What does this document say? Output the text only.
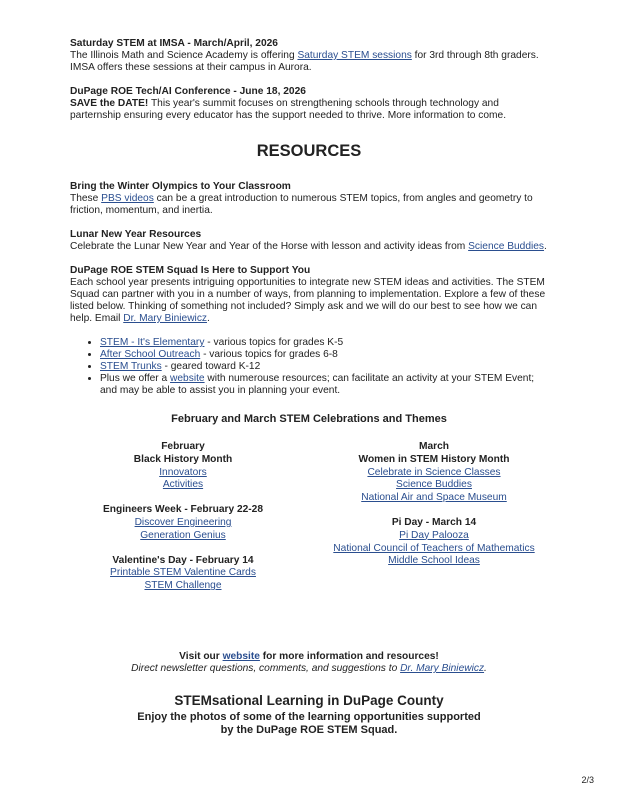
Saturday STEM at IMSA - March/April, 2026
The Illinois Math and Science Academy is offering Saturday STEM sessions for 3rd through 8th graders. IMSA offers these sessions at their campus in Aurora.
DuPage ROE Tech/AI Conference - June 18, 2026
SAVE the DATE! This year's summit focuses on strengthening schools through technology and parternship ensuring every educator has the support needed to thrive. More information to come.
RESOURCES
Bring the Winter Olympics to Your Classroom
These PBS videos can be a great introduction to numerous STEM topics, from angles and geometry to friction, momentum, and inertia.
Lunar New Year Resources
Celebrate the Lunar New Year and Year of the Horse with lesson and activity ideas from Science Buddies.
DuPage ROE STEM Squad Is Here to Support You
Each school year presents intriguing opportunities to integrate new STEM ideas and activities. The STEM Squad can partner with you in a number of ways, from planning to implementation. Explore a few of these listed below. Thinking of something not included? Simply ask and we will do our best to see how we can help. Email Dr. Mary Biniewicz.
• STEM - It's Elementary - various topics for grades K-5
• After School Outreach - various topics for grades 6-8
• STEM Trunks - geared toward K-12
• Plus we offer a website with numerouse resources; can facilitate an activity at your STEM Event; and may be able to assist you in planning your event.
February and March STEM Celebrations and Themes
February
Black History Month
Innovators
Activities
Engineers Week - February 22-28
Discover Engineering
Generation Genius
Valentine's Day - February 14
Printable STEM Valentine Cards
STEM Challenge
March
Women in STEM History Month
Celebrate in Science Classes
Science Buddies
National Air and Space Museum
Pi Day - March 14
Pi Day Palooza
National Council of Teachers of Mathematics
Middle School Ideas
Visit our website for more information and resources!
Direct newsletter questions, comments, and suggestions to Dr. Mary Biniewicz.
STEMsational Learning in DuPage County
Enjoy the photos of some of the learning opportunities supported
by the DuPage ROE STEM Squad.
2/3
